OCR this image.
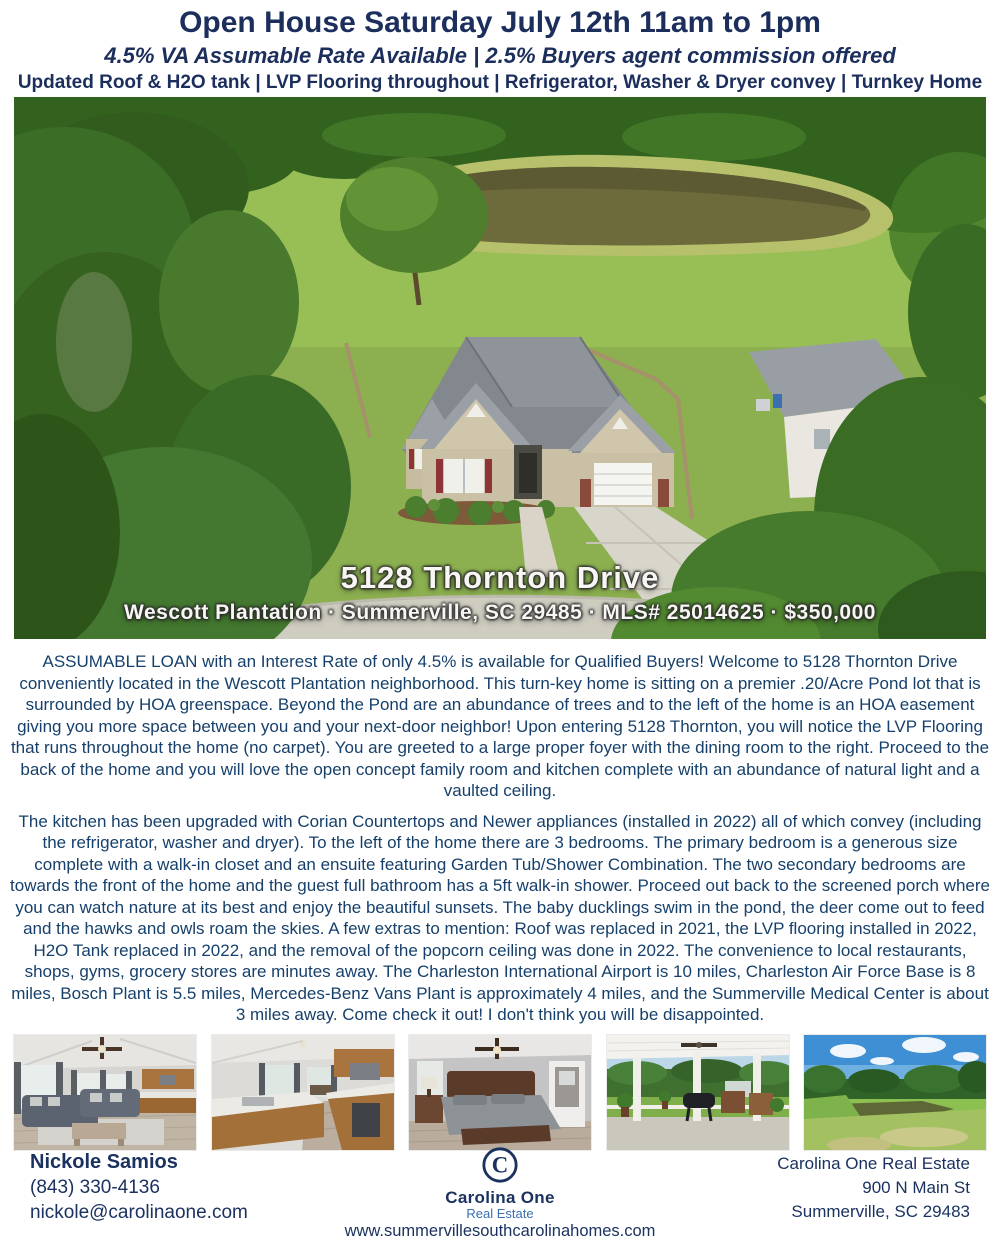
Open House Saturday July 12th 11am to 1pm
4.5% VA Assumable Rate Available | 2.5% Buyers agent commission offered
Updated Roof & H2O tank | LVP Flooring throughout | Refrigerator, Washer & Dryer convey | Turnkey Home
5128 Thornton Drive
Wescott Plantation · Summerville, SC 29485 · MLS# 25014625 · $350,000

ASSUMABLE LOAN with an Interest Rate of only 4.5% is available for Qualified Buyers! Welcome to 5128 Thornton Drive conveniently located in the Wescott Plantation neighborhood. This turn-key home is sitting on a premier .20/Acre Pond lot that is surrounded by HOA greenspace. Beyond the Pond are an abundance of trees and to the left of the home is an HOA easement giving you more space between you and your next-door neighbor! Upon entering 5128 Thornton, you will notice the LVP Flooring that runs throughout the home (no carpet). You are greeted to a large proper foyer with the dining room to the right. Proceed to the back of the home and you will love the open concept family room and kitchen complete with an abundance of natural light and a vaulted ceiling.

The kitchen has been upgraded with Corian Countertops and Newer appliances (installed in 2022) all of which convey (including the refrigerator, washer and dryer). To the left of the home there are 3 bedrooms. The primary bedroom is a generous size complete with a walk-in closet and an ensuite featuring Garden Tub/Shower Combination. The two secondary bedrooms are towards the front of the home and the guest full bathroom has a 5ft walk-in shower. Proceed out back to the screened porch where you can watch nature at its best and enjoy the beautiful sunsets. The baby ducklings swim in the pond, the deer come out to feed and the hawks and owls roam the skies. A few extras to mention: Roof was replaced in 2021, the LVP flooring installed in 2022, H2O Tank replaced in 2022, and the removal of the popcorn ceiling was done in 2022. The convenience to local restaurants, shops, gyms, grocery stores are minutes away. The Charleston International Airport is 10 miles, Charleston Air Force Base is 8 miles, Bosch Plant is 5.5 miles, Mercedes-Benz Vans Plant is approximately 4 miles, and the Summerville Medical Center is about 3 miles away. Come check it out! I don't think you will be disappointed.

Nickole Samios
(843) 330-4136
nickole@carolinaone.com
C
Carolina One
Real Estate
Carolina One Real Estate
900 N Main St
Summerville, SC 29483
www.summervillesouthcarolinahomes.com
